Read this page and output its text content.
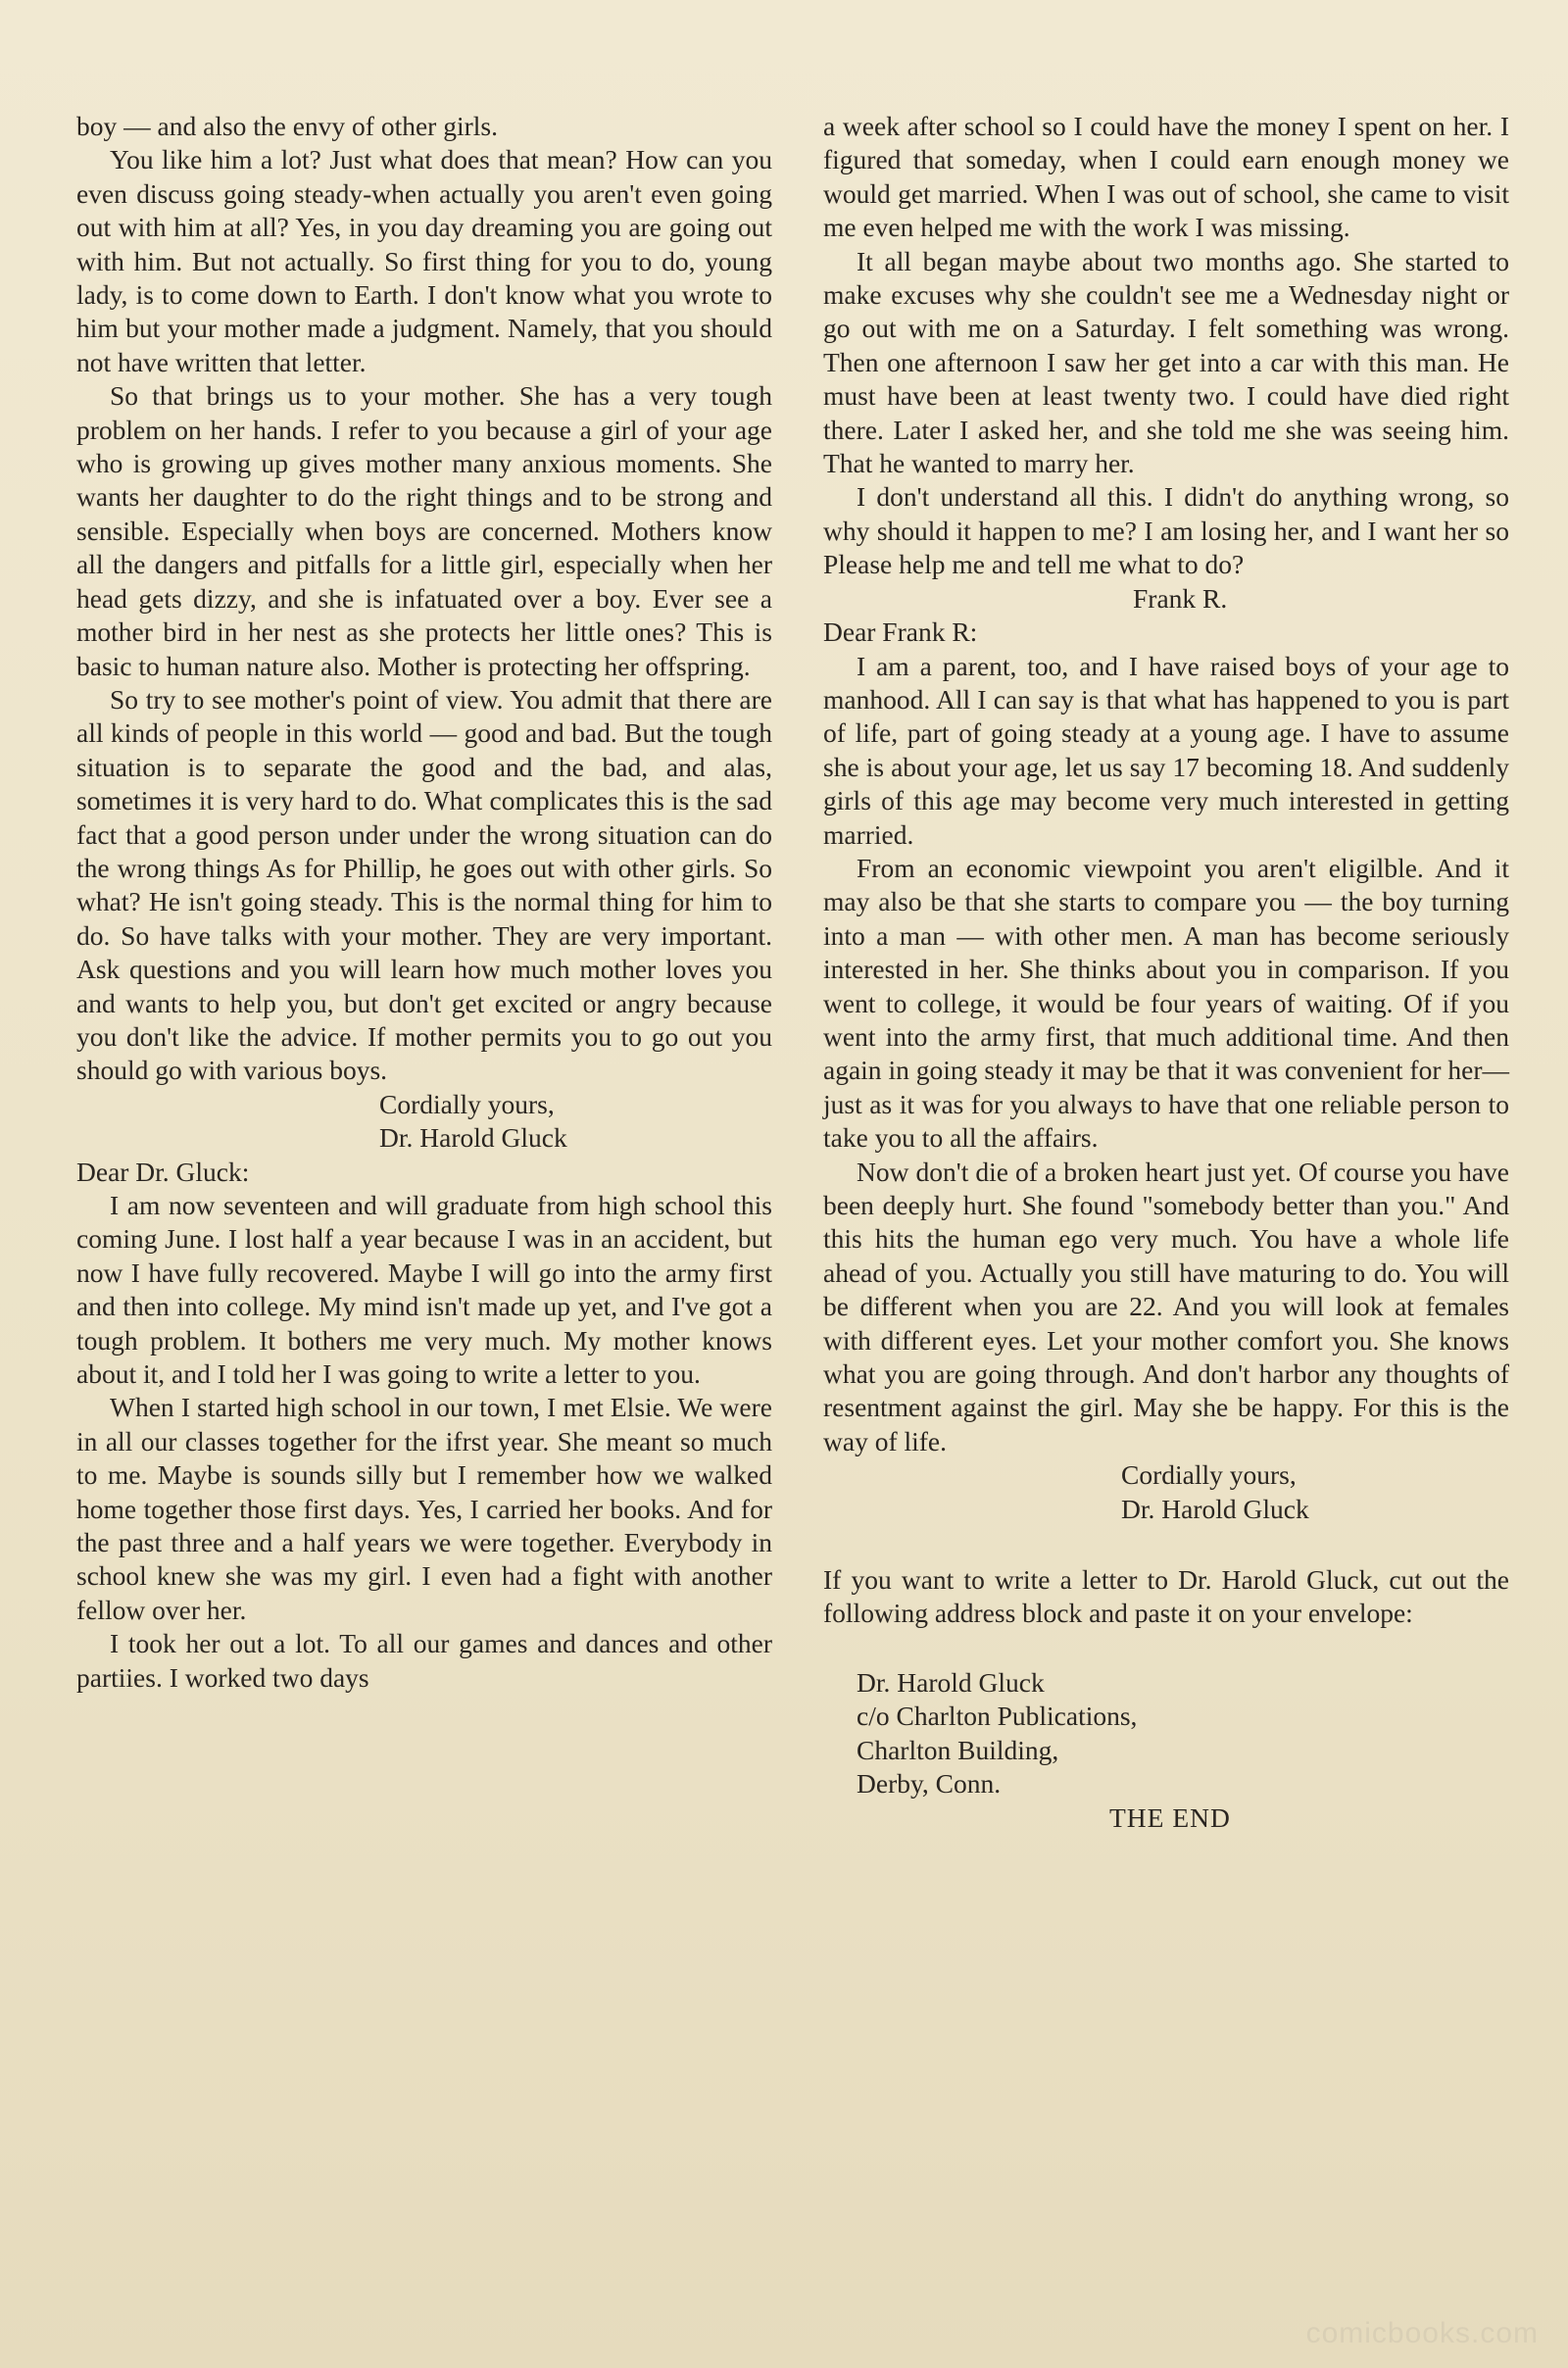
boy — and also the envy of other girls.

You like him a lot? Just what does that mean? How can you even discuss going steady-when actually you aren't even going out with him at all? Yes, in you day dreaming you are going out with him. But not actually. So first thing for you to do, young lady, is to come down to Earth. I don't know what you wrote to him but your mother made a judgment. Namely, that you should not have written that letter.

So that brings us to your mother. She has a very tough problem on her hands. I refer to you because a girl of your age who is growing up gives mother many anxious moments. She wants her daughter to do the right things and to be strong and sensible. Especially when boys are concerned. Mothers know all the dangers and pitfalls for a little girl, especially when her head gets dizzy, and she is infatuated over a boy. Ever see a mother bird in her nest as she protects her little ones? This is basic to human nature also. Mother is protecting her offspring.

So try to see mother's point of view. You admit that there are all kinds of people in this world — good and bad. But the tough situation is to separate the good and the bad, and alas, sometimes it is very hard to do. What complicates this is the sad fact that a good person under under the wrong situation can do the wrong things As for Phillip, he goes out with other girls. So what? He isn't going steady. This is the normal thing for him to do. So have talks with your mother. They are very important. Ask questions and you will learn how much mother loves you and wants to help you, but don't get excited or angry because you don't like the advice. If mother permits you to go out you should go with various boys.

Cordially yours,

Dr. Harold Gluck

Dear Dr. Gluck:

I am now seventeen and will graduate from high school this coming June. I lost half a year because I was in an accident, but now I have fully recovered. Maybe I will go into the army first and then into college. My mind isn't made up yet, and I've got a tough problem. It bothers me very much. My mother knows about it, and I told her I was going to write a letter to you.

When I started high school in our town, I met Elsie. We were in all our classes together for the ifrst year. She meant so much to me. Maybe is sounds silly but I remember how we walked home together those first days. Yes, I carried her books. And for the past three and a half years we were together. Everybody in school knew she was my girl. I even had a fight with another fellow over her.

I took her out a lot. To all our games and dances and other partiies. I worked two days

a week after school so I could have the money I spent on her. I figured that someday, when I could earn enough money we would get married. When I was out of school, she came to visit me even helped me with the work I was missing.

It all began maybe about two months ago. She started to make excuses why she couldn't see me a Wednesday night or go out with me on a Saturday. I felt something was wrong. Then one afternoon I saw her get into a car with this man. He must have been at least twenty two. I could have died right there. Later I asked her, and she told me she was seeing him. That he wanted to marry her.

I don't understand all this. I didn't do anything wrong, so why should it happen to me? I am losing her, and I want her so Please help me and tell me what to do?

Frank R.

Dear Frank R:

I am a parent, too, and I have raised boys of your age to manhood. All I can say is that what has happened to you is part of life, part of going steady at a young age. I have to assume she is about your age, let us say 17 becoming 18. And suddenly girls of this age may become very much interested in getting married.

From an economic viewpoint you aren't eligilble. And it may also be that she starts to compare you — the boy turning into a man — with other men. A man has become seriously interested in her. She thinks about you in comparison. If you went to college, it would be four years of waiting. Of if you went into the army first, that much additional time. And then again in going steady it may be that it was convenient for her— just as it was for you always to have that one reliable person to take you to all the affairs.

Now don't die of a broken heart just yet. Of course you have been deeply hurt. She found "somebody better than you." And this hits the human ego very much. You have a whole life ahead of you. Actually you still have maturing to do. You will be different when you are 22. And you will look at females with different eyes. Let your mother comfort you. She knows what you are going through. And don't harbor any thoughts of resentment against the girl. May she be happy. For this is the way of life.

Cordially yours,

Dr. Harold Gluck

If you want to write a letter to Dr. Harold Gluck, cut out the following address block and paste it on your envelope:

Dr. Harold Gluck

c/o Charlton Publications,

Charlton Building,

Derby, Conn.

THE END

comicbooks.com
